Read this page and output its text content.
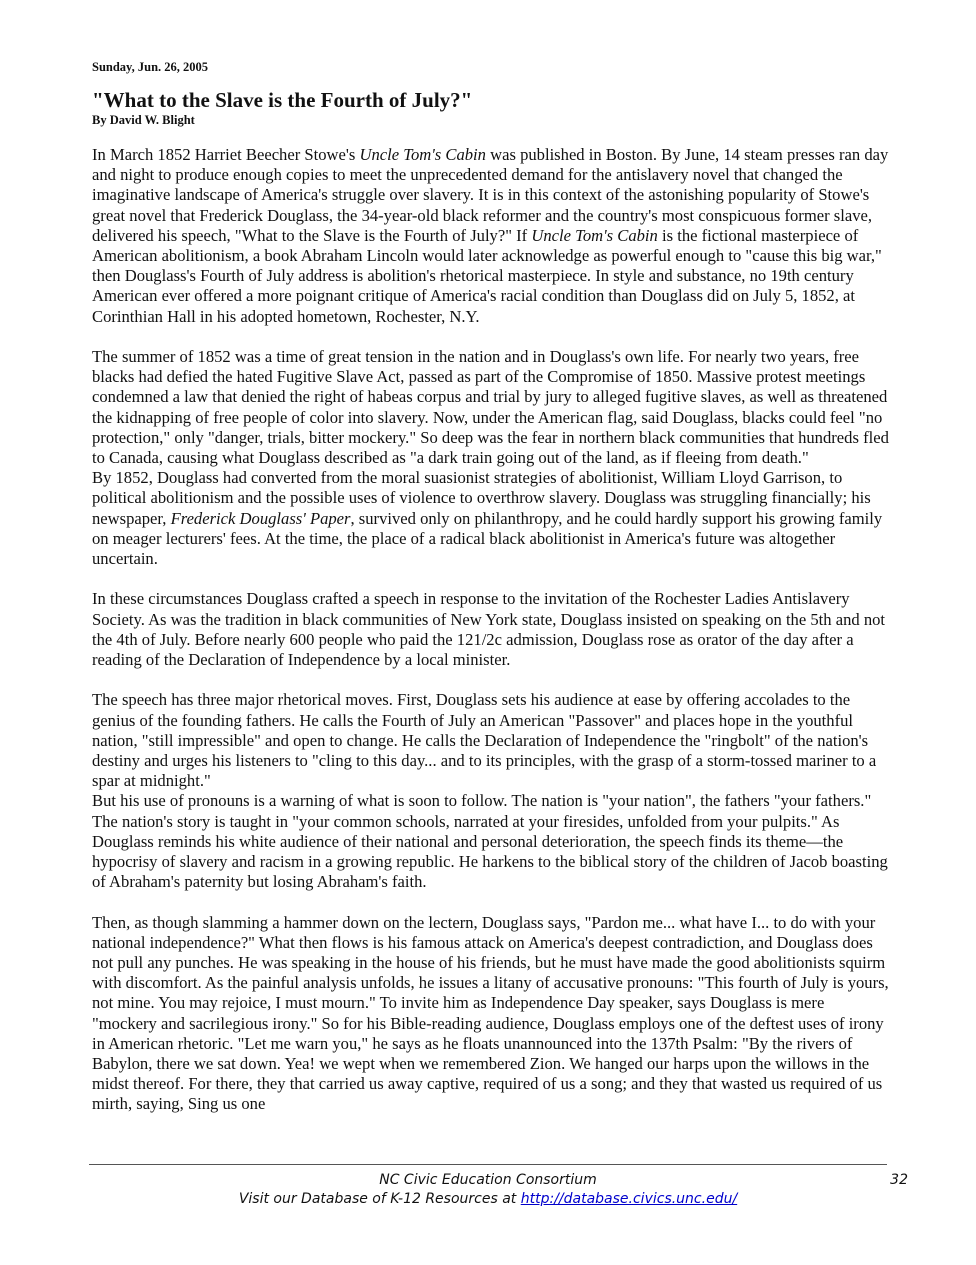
Sunday, Jun. 26, 2005
"What to the Slave is the Fourth of July?"
By David W. Blight

In March 1852 Harriet Beecher Stowe's Uncle Tom's Cabin was published in Boston. By June, 14 steam presses ran day and night to produce enough copies to meet the unprecedented demand for the antislavery novel that changed the imaginative landscape of America's struggle over slavery. It is in this context of the astonishing popularity of Stowe's great novel that Frederick Douglass, the 34-year-old black reformer and the country's most conspicuous former slave, delivered his speech, "What to the Slave is the Fourth of July?" If Uncle Tom's Cabin is the fictional masterpiece of American abolitionism, a book Abraham Lincoln would later acknowledge as powerful enough to "cause this big war," then Douglass's Fourth of July address is abolition's rhetorical masterpiece. In style and substance, no 19th century American ever offered a more poignant critique of America's racial condition than Douglass did on July 5, 1852, at Corinthian Hall in his adopted hometown, Rochester, N.Y.

The summer of 1852 was a time of great tension in the nation and in Douglass's own life. For nearly two years, free blacks had defied the hated Fugitive Slave Act, passed as part of the Compromise of 1850. Massive protest meetings condemned a law that denied the right of habeas corpus and trial by jury to alleged fugitive slaves, as well as threatened the kidnapping of free people of color into slavery. Now, under the American flag, said Douglass, blacks could feel "no protection," only "danger, trials, bitter mockery." So deep was the fear in northern black communities that hundreds fled to Canada, causing what Douglass described as "a dark train going out of the land, as if fleeing from death."

By 1852, Douglass had converted from the moral suasionist strategies of abolitionist, William Lloyd Garrison, to political abolitionism and the possible uses of violence to overthrow slavery. Douglass was struggling financially; his newspaper, Frederick Douglass' Paper, survived only on philanthropy, and he could hardly support his growing family on meager lecturers' fees. At the time, the place of a radical black abolitionist in America's future was altogether uncertain.

In these circumstances Douglass crafted a speech in response to the invitation of the Rochester Ladies Antislavery Society. As was the tradition in black communities of New York state, Douglass insisted on speaking on the 5th and not the 4th of July. Before nearly 600 people who paid the 121/2c admission, Douglass rose as orator of the day after a reading of the Declaration of Independence by a local minister.

The speech has three major rhetorical moves. First, Douglass sets his audience at ease by offering accolades to the genius of the founding fathers. He calls the Fourth of July an American "Passover" and places hope in the youthful nation, "still impressible" and open to change. He calls the Declaration of Independence the "ringbolt" of the nation's destiny and urges his listeners to "cling to this day... and to its principles, with the grasp of a storm-tossed mariner to a spar at midnight."

But his use of pronouns is a warning of what is soon to follow. The nation is "your nation", the fathers "your fathers." The nation's story is taught in "your common schools, narrated at your firesides, unfolded from your pulpits." As Douglass reminds his white audience of their national and personal deterioration, the speech finds its theme—the hypocrisy of slavery and racism in a growing republic. He harkens to the biblical story of the children of Jacob boasting of Abraham's paternity but losing Abraham's faith.

Then, as though slamming a hammer down on the lectern, Douglass says, "Pardon me... what have I... to do with your national independence?" What then flows is his famous attack on America's deepest contradiction, and Douglass does not pull any punches. He was speaking in the house of his friends, but he must have made the good abolitionists squirm with discomfort. As the painful analysis unfolds, he issues a litany of accusative pronouns: "This fourth of July is yours, not mine. You may rejoice, I must mourn." To invite him as Independence Day speaker, says Douglass is mere "mockery and sacrilegious irony." So for his Bible-reading audience, Douglass employs one of the deftest uses of irony in American rhetoric. "Let me warn you," he says as he floats unannounced into the 137th Psalm: "By the rivers of Babylon, there we sat down. Yea! we wept when we remembered Zion. We hanged our harps upon the willows in the midst thereof. For there, they that carried us away captive, required of us a song; and they that wasted us required of us mirth, saying, Sing us one

NC Civic Education Consortium
Visit our Database of K-12 Resources at http://database.civics.unc.edu/
32
